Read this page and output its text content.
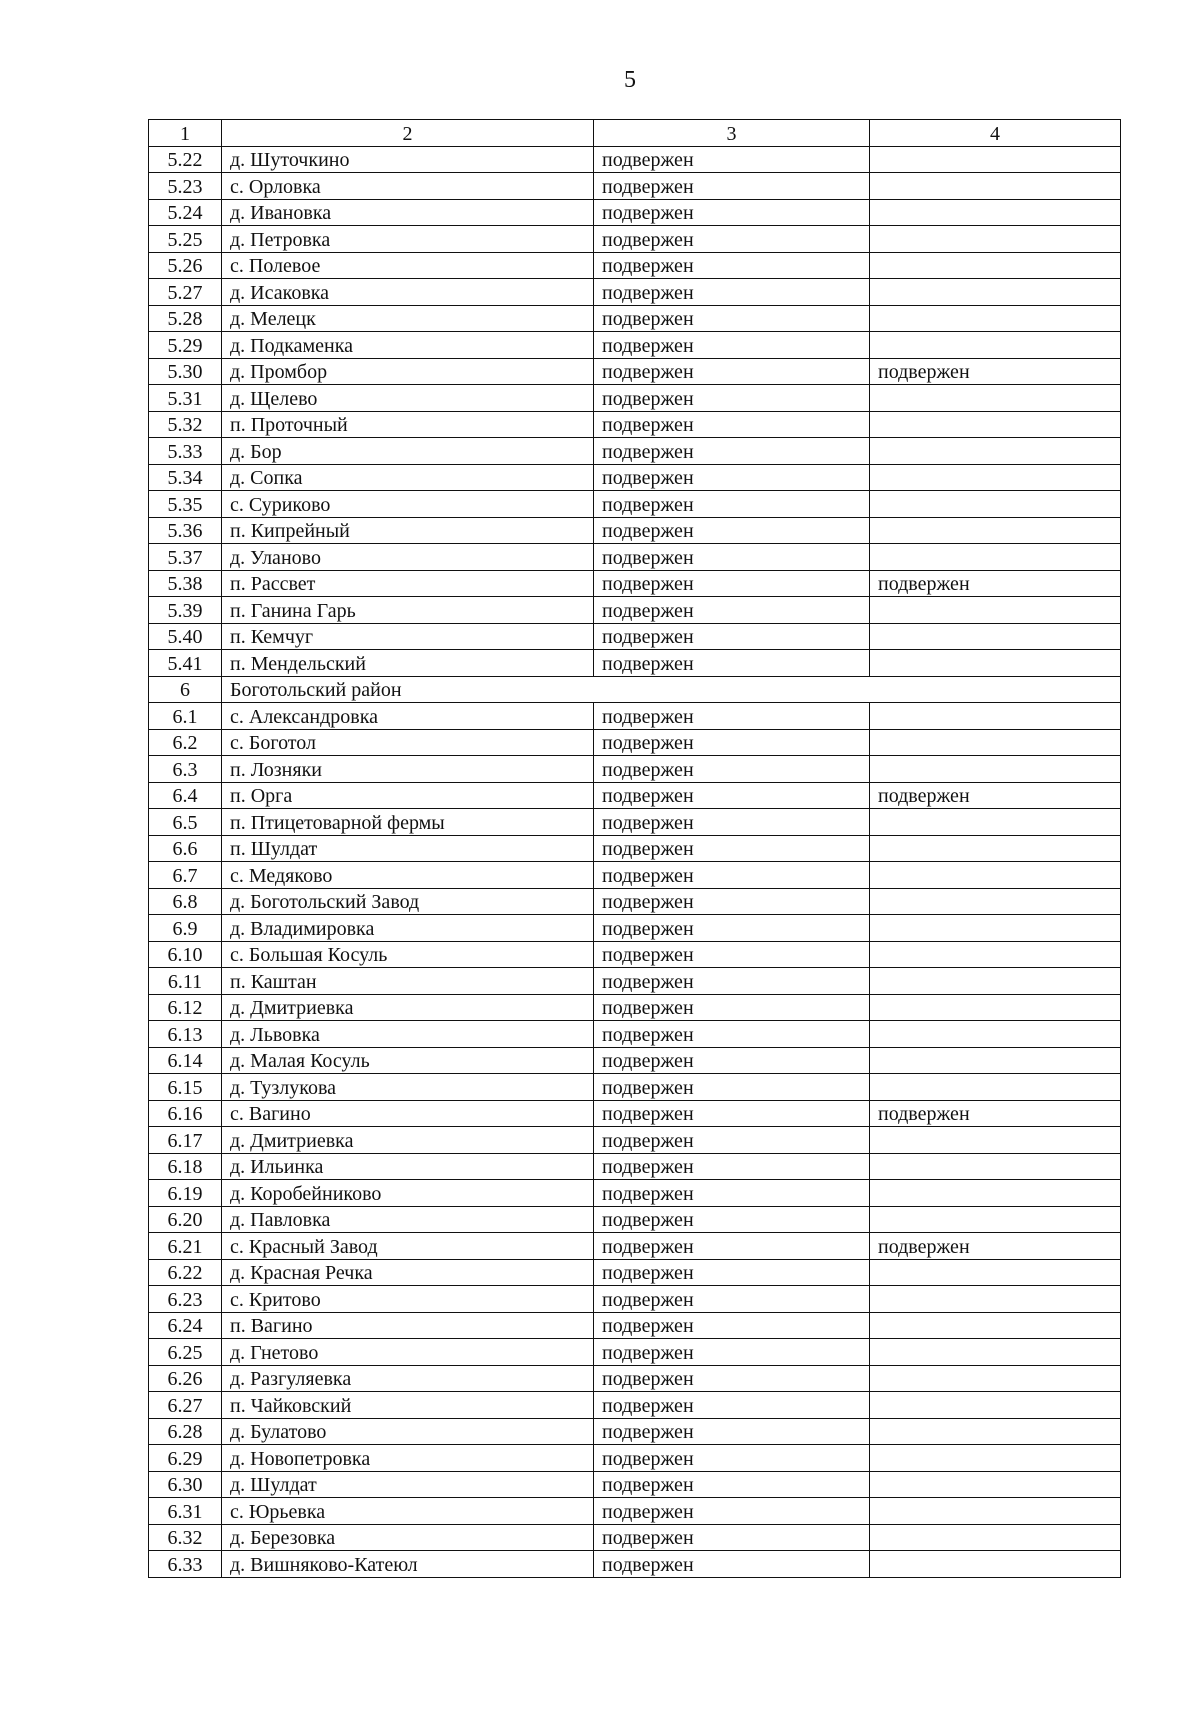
5
1	2	3	4
5.22	д. Шуточкино	подвержен	
5.23	с. Орловка	подвержен	
5.24	д. Ивановка	подвержен	
5.25	д. Петровка	подвержен	
5.26	с. Полевое	подвержен	
5.27	д. Исаковка	подвержен	
5.28	д. Мелецк	подвержен	
5.29	д. Подкаменка	подвержен	
5.30	д. Промбор	подвержен	подвержен
5.31	д. Щелево	подвержен	
5.32	п. Проточный	подвержен	
5.33	д. Бор	подвержен	
5.34	д. Сопка	подвержен	
5.35	с. Суриково	подвержен	
5.36	п. Кипрейный	подвержен	
5.37	д. Уланово	подвержен	
5.38	п. Рассвет	подвержен	подвержен
5.39	п. Ганина Гарь	подвержен	
5.40	п. Кемчуг	подвержен	
5.41	п. Мендельский	подвержен	
6	Боготольский район		
6.1	с. Александровка	подвержен	
6.2	с. Боготол	подвержен	
6.3	п. Лозняки	подвержен	
6.4	п. Орга	подвержен	подвержен
6.5	п. Птицетоварной фермы	подвержен	
6.6	п. Шулдат	подвержен	
6.7	с. Медяково	подвержен	
6.8	д. Боготольский Завод	подвержен	
6.9	д. Владимировка	подвержен	
6.10	с. Большая Косуль	подвержен	
6.11	п. Каштан	подвержен	
6.12	д. Дмитриевка	подвержен	
6.13	д. Львовка	подвержен	
6.14	д. Малая Косуль	подвержен	
6.15	д. Тузлукова	подвержен	
6.16	с. Вагино	подвержен	подвержен
6.17	д. Дмитриевка	подвержен	
6.18	д. Ильинка	подвержен	
6.19	д. Коробейниково	подвержен	
6.20	д. Павловка	подвержен	
6.21	с. Красный Завод	подвержен	подвержен
6.22	д. Красная Речка	подвержен	
6.23	с. Критово	подвержен	
6.24	п. Вагино	подвержен	
6.25	д. Гнетово	подвержен	
6.26	д. Разгуляевка	подвержен	
6.27	п. Чайковский	подвержен	
6.28	д. Булатово	подвержен	
6.29	д. Новопетровка	подвержен	
6.30	д. Шулдат	подвержен	
6.31	с. Юрьевка	подвержен	
6.32	д. Березовка	подвержен	
6.33	д. Вишняково-Катеюл	подвержен	
